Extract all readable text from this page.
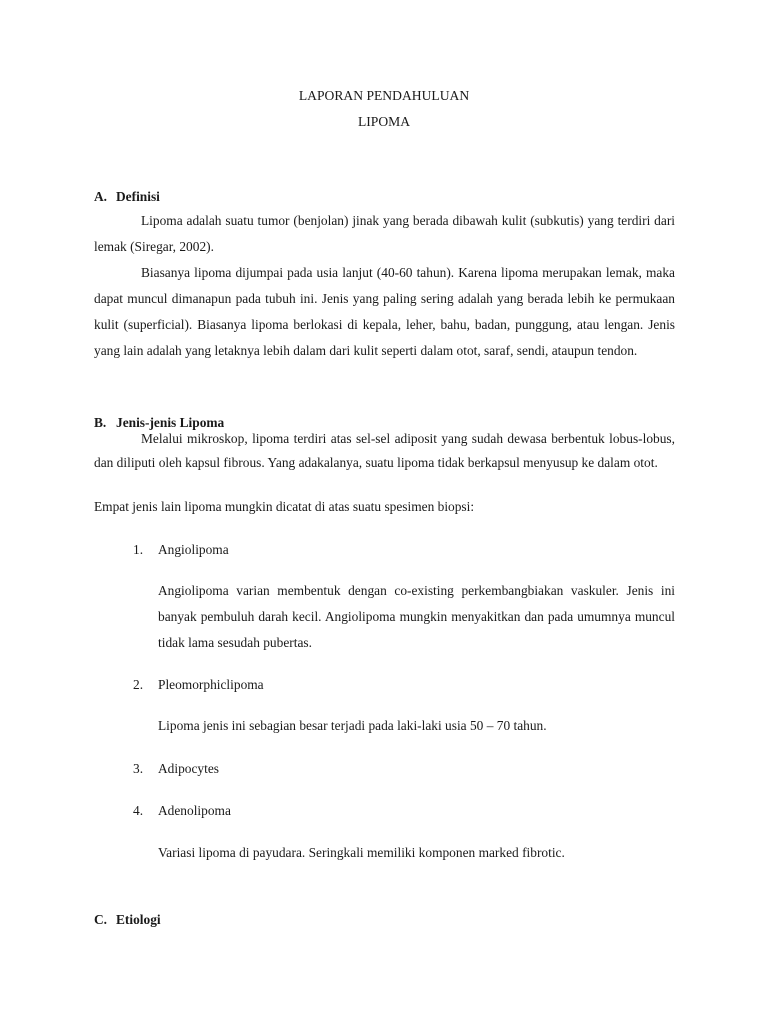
LAPORAN PENDAHULUAN
LIPOMA
A. Definisi

Lipoma adalah suatu tumor (benjolan) jinak yang berada dibawah kulit (subkutis) yang terdiri dari lemak (Siregar, 2002).

Biasanya lipoma dijumpai pada usia lanjut (40-60 tahun). Karena lipoma merupakan lemak, maka dapat muncul dimanapun pada tubuh ini. Jenis yang paling sering adalah yang berada lebih ke permukaan kulit (superficial). Biasanya lipoma berlokasi di kepala, leher, bahu, badan, punggung, atau lengan. Jenis yang lain adalah yang letaknya lebih dalam dari kulit seperti dalam otot, saraf, sendi, ataupun tendon.

B. Jenis-jenis Lipoma

Melalui mikroskop, lipoma terdiri atas sel-sel adiposit yang sudah dewasa berbentuk lobus-lobus, dan diliputi oleh kapsul fibrous. Yang adakalanya, suatu lipoma tidak berkapsul menyusup ke dalam otot.

Empat jenis lain lipoma mungkin dicatat di atas suatu spesimen biopsi:

1. Angiolipoma

Angiolipoma varian membentuk dengan co-existing perkembangbiakan vaskuler. Jenis ini banyak pembuluh darah kecil. Angiolipoma mungkin menyakitkan dan pada umumnya muncul tidak lama sesudah pubertas.

2. Pleomorphiclipoma

Lipoma jenis ini sebagian besar terjadi pada laki-laki usia 50 – 70 tahun.

3. Adipocytes
4. Adenolipoma

Variasi lipoma di payudara. Seringkali memiliki komponen marked fibrotic.

C. Etiologi
